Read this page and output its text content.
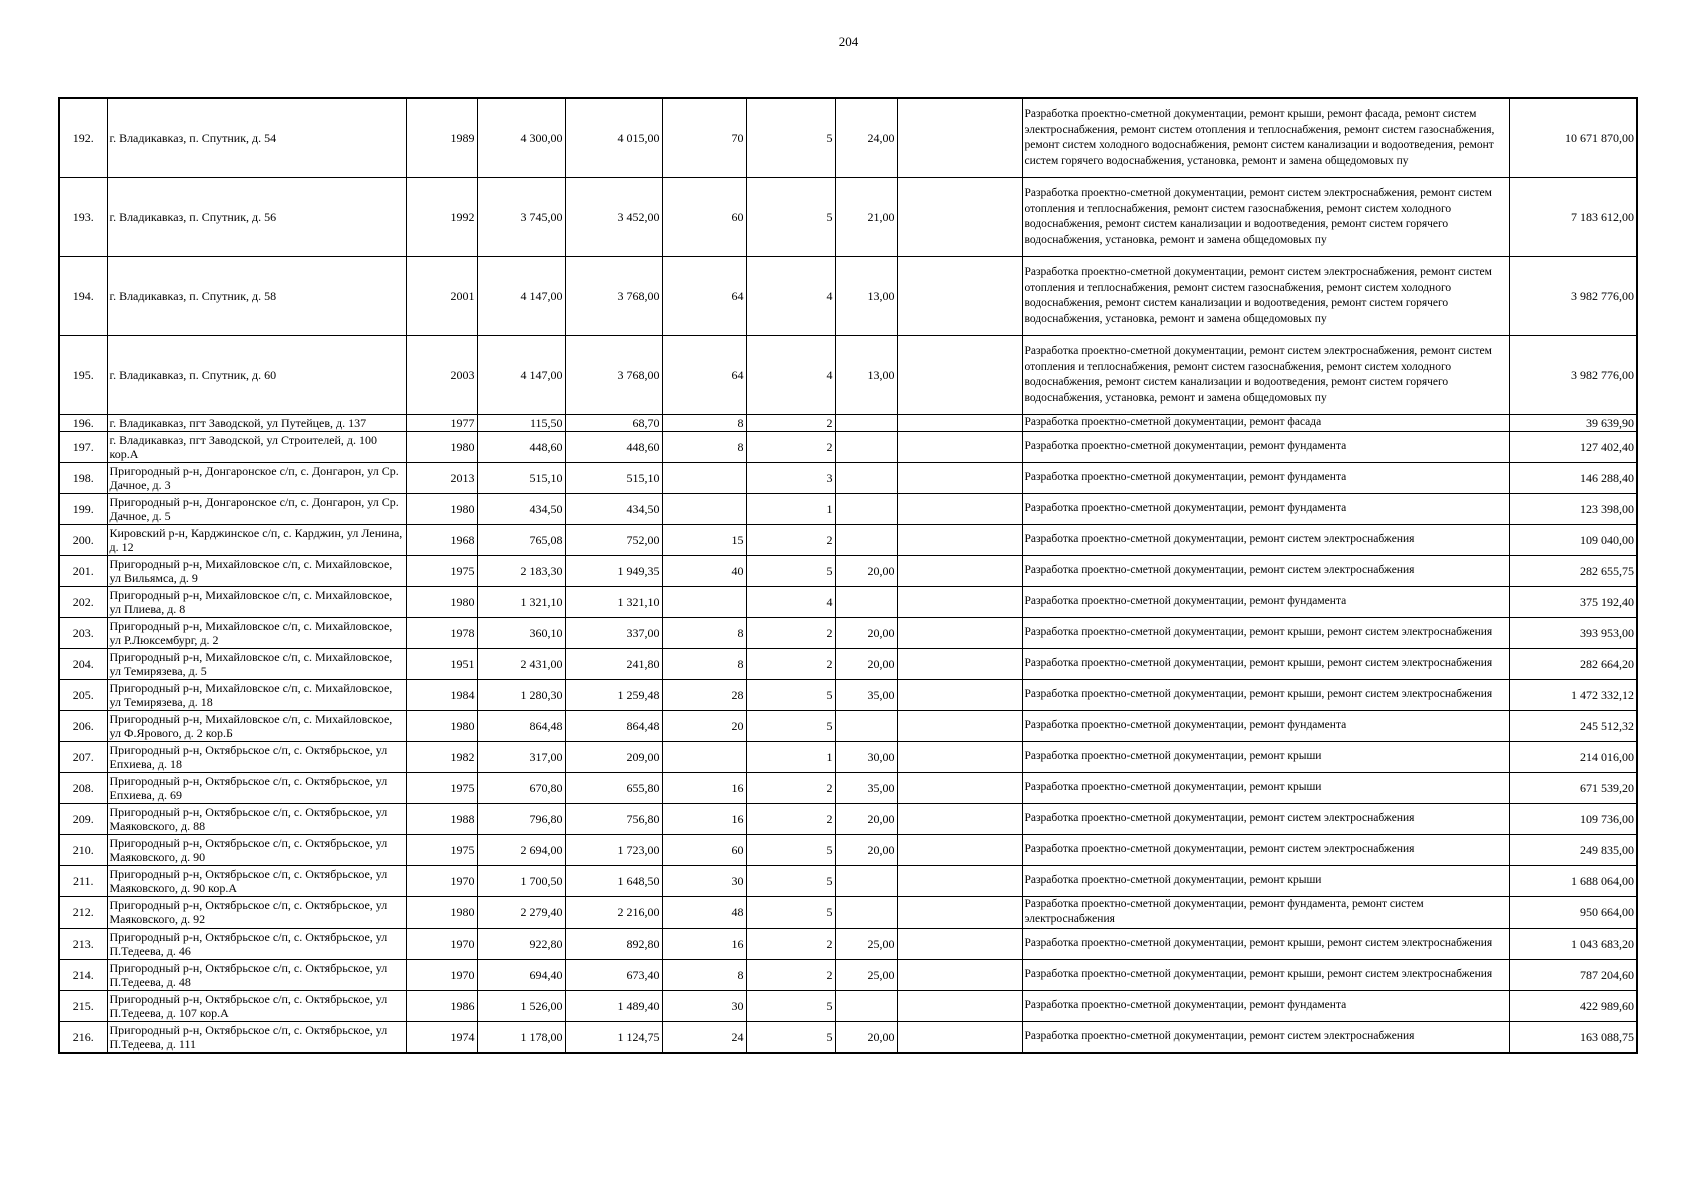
204
192.	г. Владикавказ, п. Спутник, д. 54	1989	4 300,00	4 015,00	70	5	24,00		Разработка проектно-сметной документации, ремонт крыши, ремонт фасада, ремонт систем электроснабжения, ремонт систем отопления и теплоснабжения, ремонт систем газоснабжения, ремонт систем холодного водоснабжения, ремонт систем канализации и водоотведения, ремонт систем горячего водоснабжения, установка, ремонт и замена общедомовых пу	10 671 870,00
193.	г. Владикавказ, п. Спутник, д. 56	1992	3 745,00	3 452,00	60	5	21,00		Разработка проектно-сметной документации, ремонт систем электроснабжения, ремонт систем отопления и теплоснабжения, ремонт систем газоснабжения, ремонт систем холодного водоснабжения, ремонт систем канализации и водоотведения, ремонт систем горячего водоснабжения, установка, ремонт и замена общедомовых пу	7 183 612,00
194.	г. Владикавказ, п. Спутник, д. 58	2001	4 147,00	3 768,00	64	4	13,00		Разработка проектно-сметной документации, ремонт систем электроснабжения, ремонт систем отопления и теплоснабжения, ремонт систем газоснабжения, ремонт систем холодного водоснабжения, ремонт систем канализации и водоотведения, ремонт систем горячего водоснабжения, установка, ремонт и замена общедомовых пу	3 982 776,00
195.	г. Владикавказ, п. Спутник, д. 60	2003	4 147,00	3 768,00	64	4	13,00		Разработка проектно-сметной документации, ремонт систем электроснабжения, ремонт систем отопления и теплоснабжения, ремонт систем газоснабжения, ремонт систем холодного водоснабжения, ремонт систем канализации и водоотведения, ремонт систем горячего водоснабжения, установка, ремонт и замена общедомовых пу	3 982 776,00
196.	г. Владикавказ, пгт Заводской, ул Путейцев, д. 137	1977	115,50	68,70	8	2			Разработка проектно-сметной документации, ремонт фасада	39 639,90
197.	г. Владикавказ, пгт Заводской, ул Строителей, д. 100 кор.А	1980	448,60	448,60	8	2			Разработка проектно-сметной документации, ремонт фундамента	127 402,40
198.	Пригородный р-н, Донгаронское с/п, с. Донгарон, ул Ср. Дачное, д. 3	2013	515,10	515,10		3			Разработка проектно-сметной документации, ремонт фундамента	146 288,40
199.	Пригородный р-н, Донгаронское с/п, с. Донгарон, ул Ср. Дачное, д. 5	1980	434,50	434,50		1			Разработка проектно-сметной документации, ремонт фундамента	123 398,00
200.	Кировский р-н, Карджинское с/п, с. Карджин, ул Ленина, д. 12	1968	765,08	752,00	15	2			Разработка проектно-сметной документации, ремонт систем электроснабжения	109 040,00
201.	Пригородный р-н, Михайловское с/п, с. Михайловское, ул Вильямса, д. 9	1975	2 183,30	1 949,35	40	5	20,00		Разработка проектно-сметной документации, ремонт систем электроснабжения	282 655,75
202.	Пригородный р-н, Михайловское с/п, с. Михайловское, ул Плиева, д. 8	1980	1 321,10	1 321,10		4			Разработка проектно-сметной документации, ремонт фундамента	375 192,40
203.	Пригородный р-н, Михайловское с/п, с. Михайловское, ул Р.Люксембург, д. 2	1978	360,10	337,00	8	2	20,00		Разработка проектно-сметной документации, ремонт крыши, ремонт систем электроснабжения	393 953,00
204.	Пригородный р-н, Михайловское с/п, с. Михайловское, ул Темирязева, д. 5	1951	2 431,00	241,80	8	2	20,00		Разработка проектно-сметной документации, ремонт крыши, ремонт систем электроснабжения	282 664,20
205.	Пригородный р-н, Михайловское с/п, с. Михайловское, ул Темирязева, д. 18	1984	1 280,30	1 259,48	28	5	35,00		Разработка проектно-сметной документации, ремонт крыши, ремонт систем электроснабжения	1 472 332,12
206.	Пригородный р-н, Михайловское с/п, с. Михайловское, ул Ф.Ярового, д. 2 кор.Б	1980	864,48	864,48	20	5			Разработка проектно-сметной документации, ремонт фундамента	245 512,32
207.	Пригородный р-н, Октябрьское с/п, с. Октябрьское, ул Епхиева, д. 18	1982	317,00	209,00		1	30,00		Разработка проектно-сметной документации, ремонт крыши	214 016,00
208.	Пригородный р-н, Октябрьское с/п, с. Октябрьское, ул Епхиева, д. 69	1975	670,80	655,80	16	2	35,00		Разработка проектно-сметной документации, ремонт крыши	671 539,20
209.	Пригородный р-н, Октябрьское с/п, с. Октябрьское, ул Маяковского, д. 88	1988	796,80	756,80	16	2	20,00		Разработка проектно-сметной документации, ремонт систем электроснабжения	109 736,00
210.	Пригородный р-н, Октябрьское с/п, с. Октябрьское, ул Маяковского, д. 90	1975	2 694,00	1 723,00	60	5	20,00		Разработка проектно-сметной документации, ремонт систем электроснабжения	249 835,00
211.	Пригородный р-н, Октябрьское с/п, с. Октябрьское, ул Маяковского, д. 90 кор.А	1970	1 700,50	1 648,50	30	5			Разработка проектно-сметной документации, ремонт крыши	1 688 064,00
212.	Пригородный р-н, Октябрьское с/п, с. Октябрьское, ул Маяковского, д. 92	1980	2 279,40	2 216,00	48	5			Разработка проектно-сметной документации, ремонт фундамента, ремонт систем электроснабжения	950 664,00
213.	Пригородный р-н, Октябрьское с/п, с. Октябрьское, ул П.Тедеева, д. 46	1970	922,80	892,80	16	2	25,00		Разработка проектно-сметной документации, ремонт крыши, ремонт систем электроснабжения	1 043 683,20
214.	Пригородный р-н, Октябрьское с/п, с. Октябрьское, ул П.Тедеева, д. 48	1970	694,40	673,40	8	2	25,00		Разработка проектно-сметной документации, ремонт крыши, ремонт систем электроснабжения	787 204,60
215.	Пригородный р-н, Октябрьское с/п, с. Октябрьское, ул П.Тедеева, д. 107 кор.А	1986	1 526,00	1 489,40	30	5			Разработка проектно-сметной документации, ремонт фундамента	422 989,60
216.	Пригородный р-н, Октябрьское с/п, с. Октябрьское, ул П.Тедеева, д. 111	1974	1 178,00	1 124,75	24	5	20,00		Разработка проектно-сметной документации, ремонт систем электроснабжения	163 088,75
